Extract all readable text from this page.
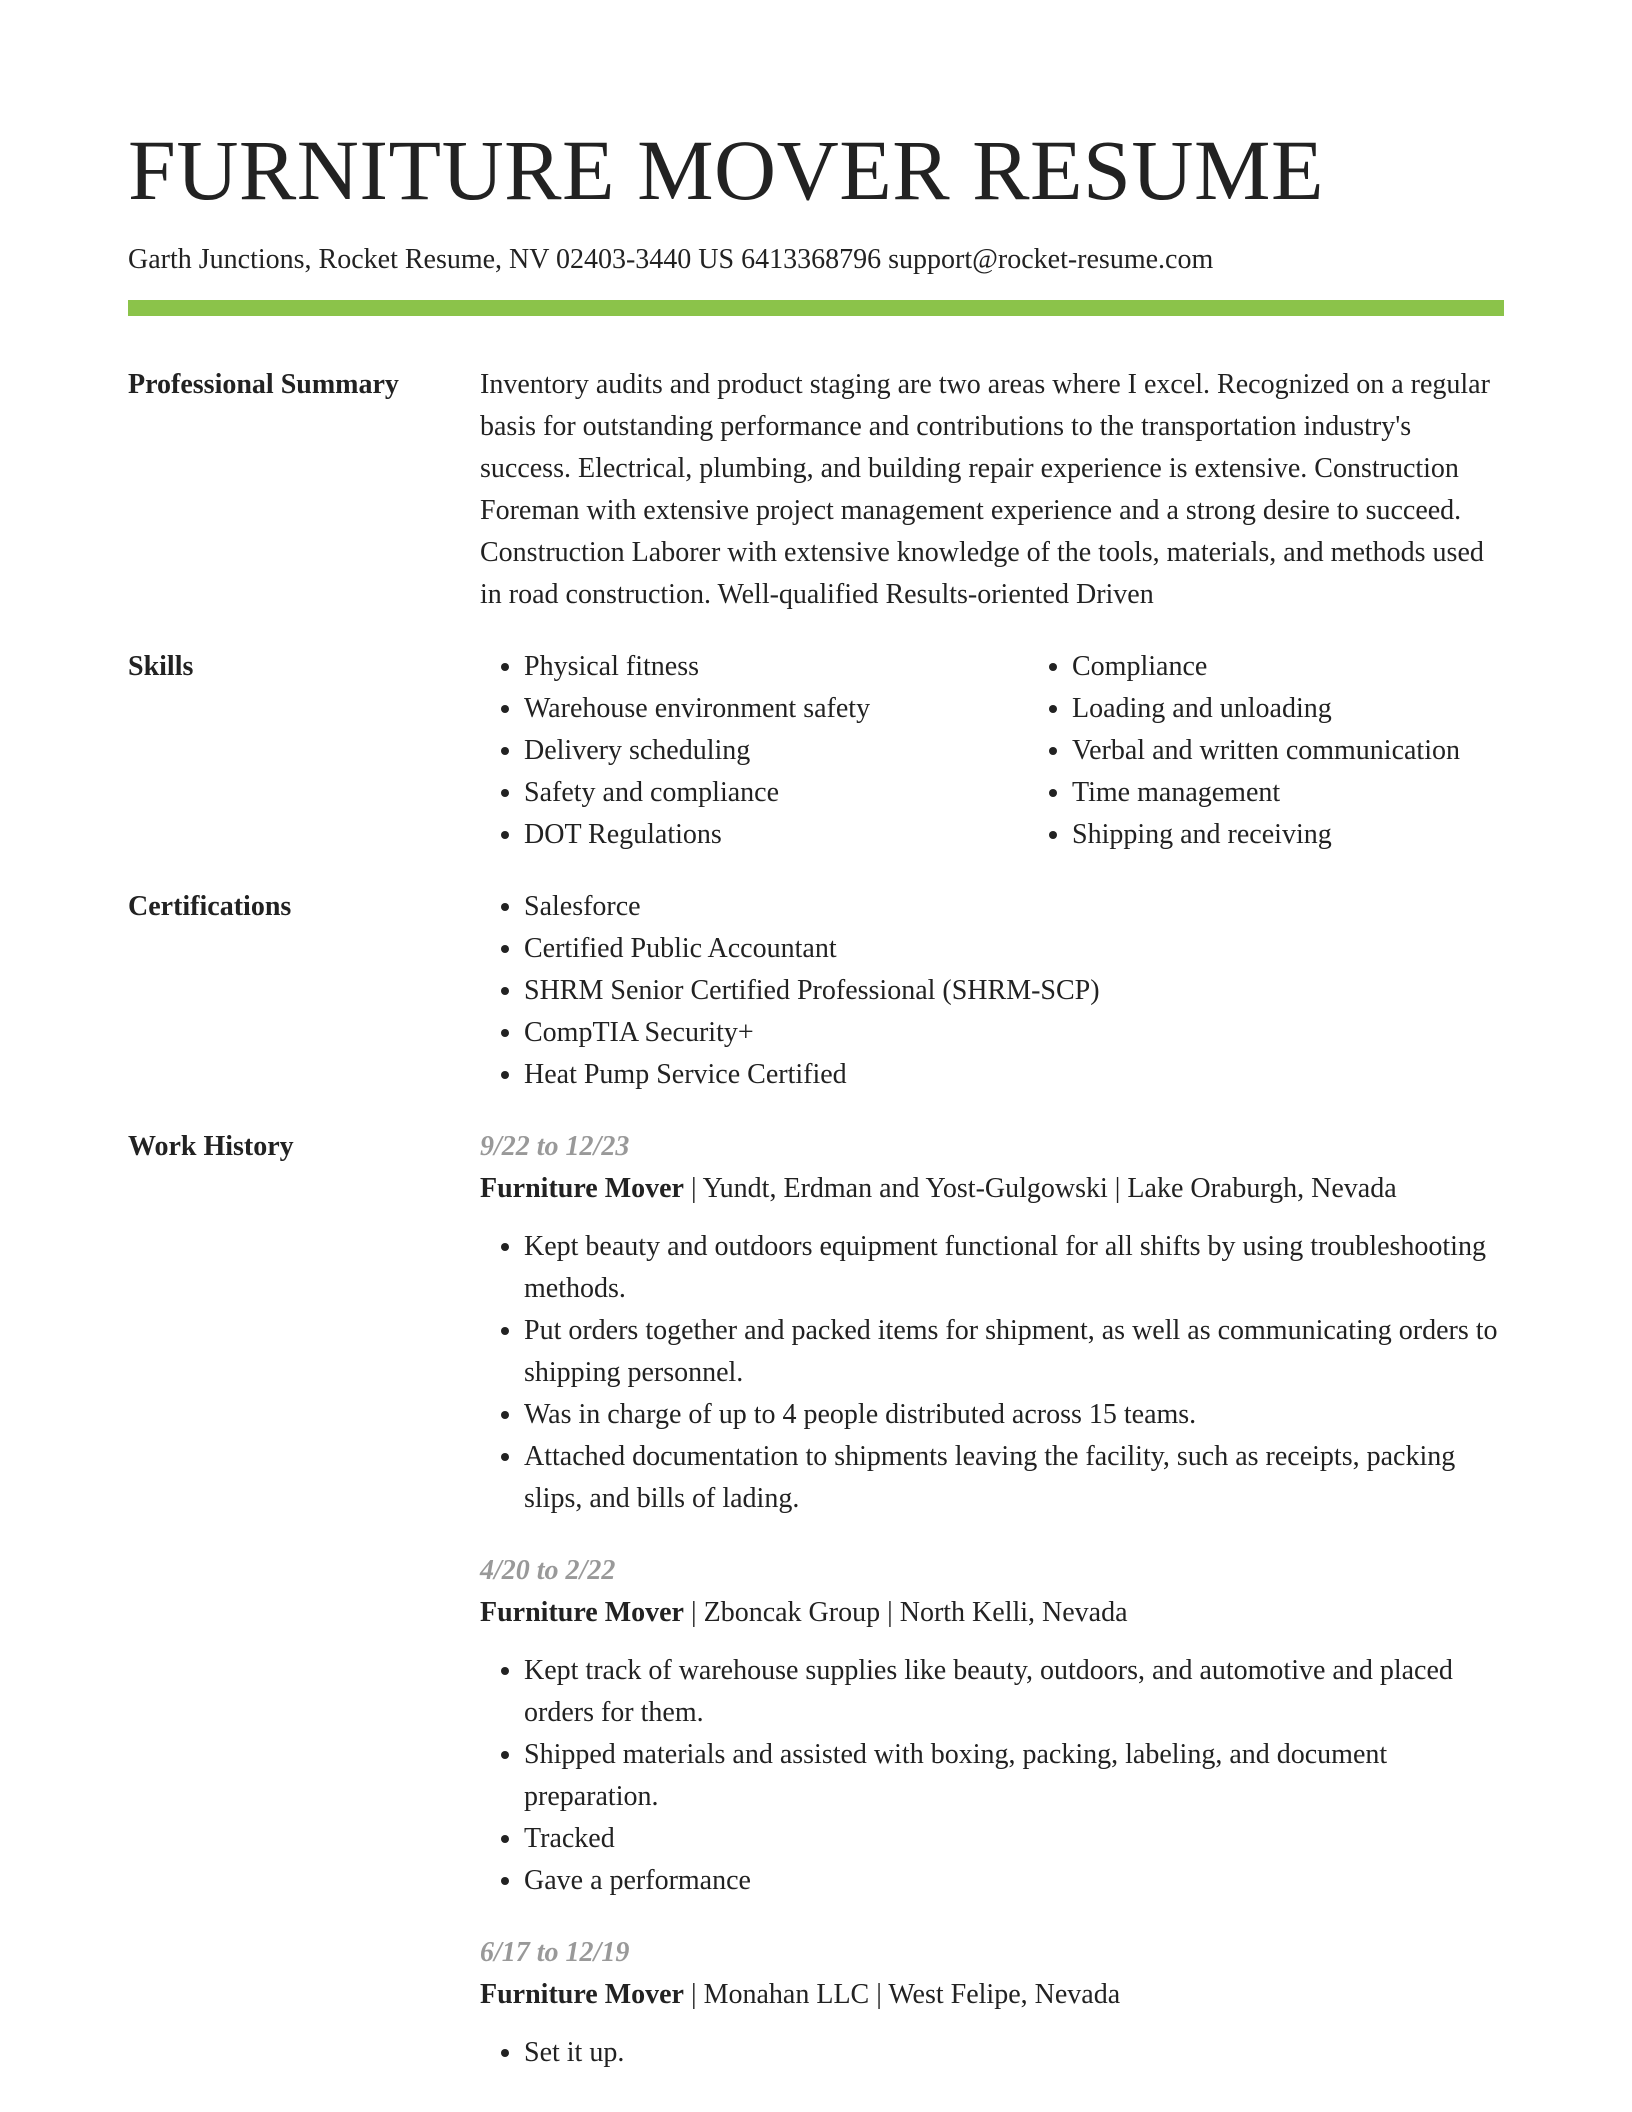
FURNITURE MOVER RESUME
Garth Junctions, Rocket Resume, NV 02403-3440 US 6413368796 support@rocket-resume.com
Professional Summary	Inventory audits and product staging are two areas where I excel. Recognized on a regular basis for outstanding performance and contributions to the transportation industry's success. Electrical, plumbing, and building repair experience is extensive. Construction Foreman with extensive project management experience and a strong desire to succeed. Construction Laborer with extensive knowledge of the tools, materials, and methods used in road construction. Well-qualified Results-oriented Driven

Skills	• Physical fitness
• Warehouse environment safety
• Delivery scheduling
• Safety and compliance
• DOT Regulations
• Compliance
• Loading and unloading
• Verbal and written communication
• Time management
• Shipping and receiving
Certifications	• Salesforce
• Certified Public Accountant
• SHRM Senior Certified Professional (SHRM-SCP)
• CompTIA Security+
• Heat Pump Service Certified
Work History	9/22 to 12/23
Furniture Mover | Yundt, Erdman and Yost-Gulgowski | Lake Oraburgh, Nevada
• Kept beauty and outdoors equipment functional for all shifts by using troubleshooting methods.
• Put orders together and packed items for shipment, as well as communicating orders to shipping personnel.
• Was in charge of up to 4 people distributed across 15 teams.
• Attached documentation to shipments leaving the facility, such as receipts, packing slips, and bills of lading.
4/20 to 2/22
Furniture Mover | Zboncak Group | North Kelli, Nevada
• Kept track of warehouse supplies like beauty, outdoors, and automotive and placed orders for them.
• Shipped materials and assisted with boxing, packing, labeling, and document preparation.
• Tracked
• Gave a performance
6/17 to 12/19
Furniture Mover | Monahan LLC | West Felipe, Nevada
• Set it up.
